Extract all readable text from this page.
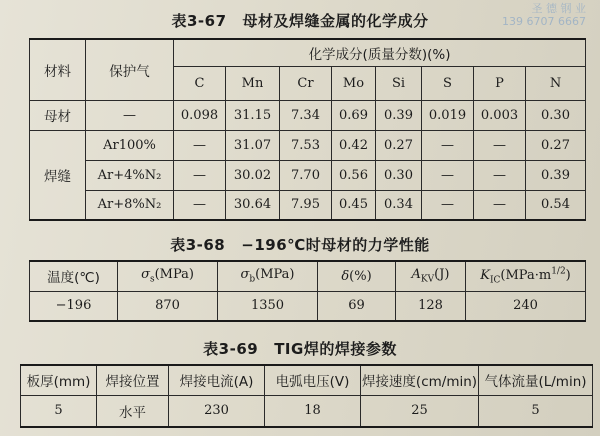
圣 德 钢 业
139 6707 6667
表3-67 母材及焊缝金属的化学成分
材料	保护气	化学成分(质量分数)(%)							
		C	Mn	Cr	Mo	Si	S	P	N
母材	—	0.098	31.15	7.34	0.69	0.39	0.019	0.003	0.30
焊缝	Ar100%	—	31.07	7.53	0.42	0.27	—	—	0.27
	Ar+4%N₂	—	30.02	7.70	0.56	0.30	—	—	0.39
	Ar+8%N₂	—	30.64	7.95	0.45	0.34	—	—	0.54
表3-68 −196℃时母材的力学性能
温度(℃)	$\sigma_s(MPa)$	$\sigma_b(MPa)$	δ(%)	$A_{KV}(J)$	$K_{IC}(MPa\cdot m^{1/2})$
−196	870	1350	69	128	240
表3-69 TIG焊的焊接参数
板厚(mm)	焊接位置	焊接电流(A)	电弧电压(V)	焊接速度(cm/min)	气体流量(L/min)
5	水平	230	18	25	5
